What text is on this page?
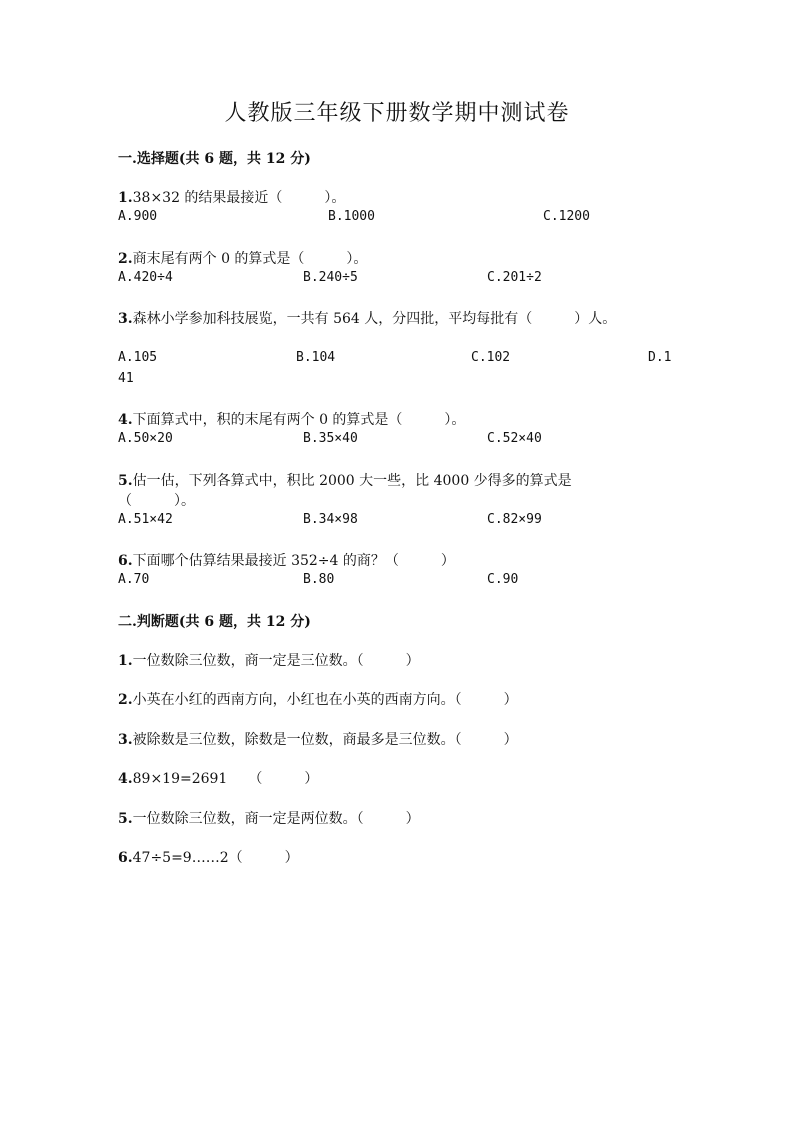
人教版三年级下册数学期中测试卷
一.选择题(共 6 题，共 12 分)
1.38×32 的结果最接近（　　　）。
A.900	B.1000	C.1200
2.商末尾有两个 0 的算式是（　　　）。
A.420÷4	B.240÷5	C.201÷2
3.森林小学参加科技展览，一共有 564 人，分四批，平均每批有（　　　）人。
A.105	B.104	C.102	D.1
41
4.下面算式中，积的末尾有两个 0 的算式是（　　　）。
A.50×20	B.35×40	C.52×40
5.估一估，下列各算式中，积比 2000 大一些，比 4000 少得多的算式是
（　　　）。
A.51×42	B.34×98	C.82×99
6.下面哪个估算结果最接近 352÷4 的商？（　　　）
A.70	B.80	C.90
二.判断题(共 6 题，共 12 分)
1.一位数除三位数，商一定是三位数。（　　　）
2.小英在小红的西南方向，小红也在小英的西南方向。（　　　）
3.被除数是三位数，除数是一位数，商最多是三位数。（　　　）
4.89×19=2691　　（　　　）
5.一位数除三位数，商一定是两位数。（　　　）
6.47÷5=9……2（　　　）
